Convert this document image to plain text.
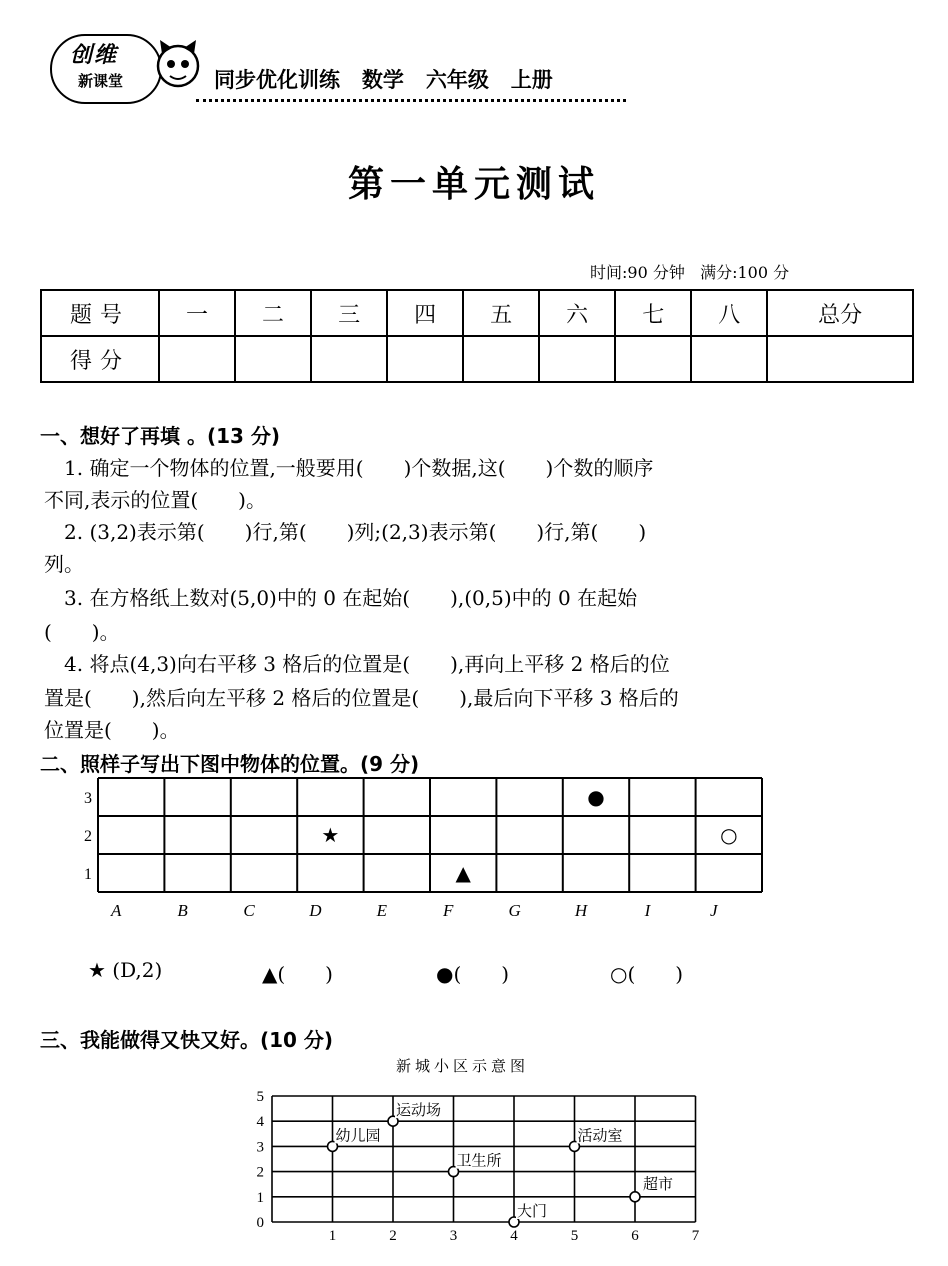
创维
新课堂	同步优化训练   数学   六年级   上册
第一单元测试
时间:90 分钟   满分:100 分
题号	一	二	三	四	五	六	七	八	总分
得分									
一、想好了再填 。(13 分)
　1. 确定一个物体的位置,一般要用(　　)个数据,这(　　)个数的顺序
不同,表示的位置(　　)。
　2. (3,2)表示第(　　)行,第(　　)列;(2,3)表示第(　　)行,第(　　)
列。
　3. 在方格纸上数对(5,0)中的 0 在起始(　　),(0,5)中的 0 在起始
(　　)。
　4. 将点(4,3)向右平移 3 格后的位置是(　　),再向上平移 2 格后的位
置是(　　),然后向左平移 2 格后的位置是(　　),最后向下平移 3 格后的
位置是(　　)。
二、照样子写出下图中物体的位置。(9 分)
A	B	C	D	E	F	G	H	I	J
1
2
3
★
▲
●
○
★ (D,2)	▲(　　)	●(　　)	○(　　)
三、我能做得又快又好。(10 分)
新城小区示意图
1	2	3	4	5	6	7
0
1
2
3
4
5
幼儿园
运动场
卫生所
大门
活动室
超市
